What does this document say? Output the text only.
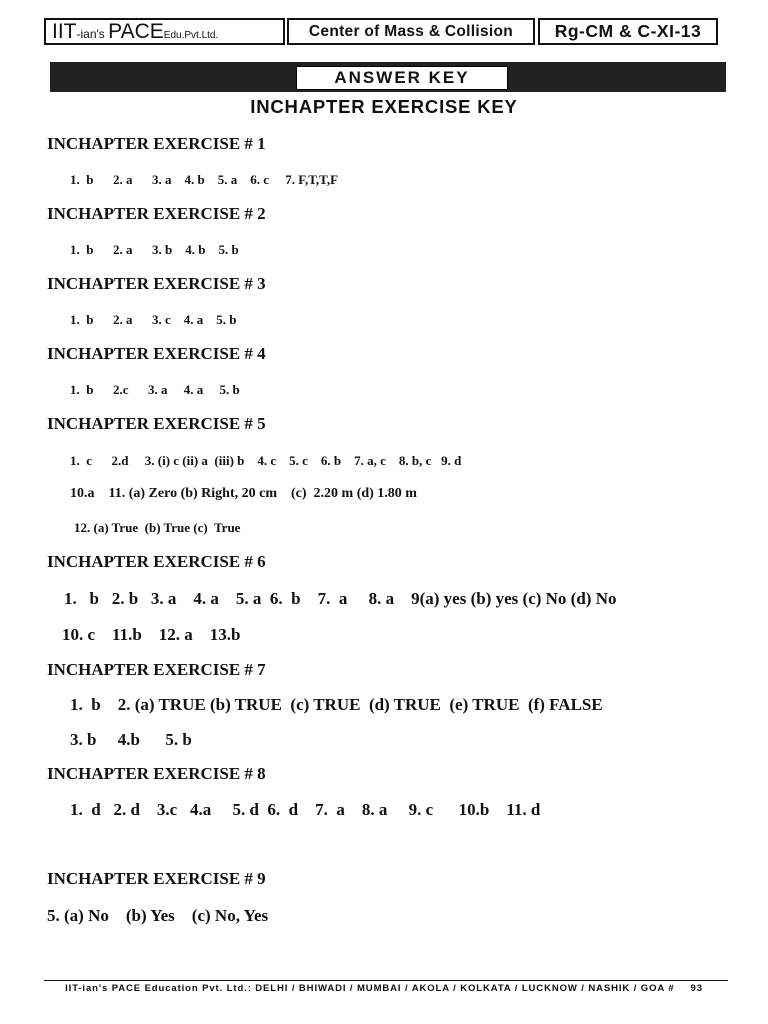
IIT-ian's PACEEdu.Pvt.Ltd.	Center of Mass & Collision	Rg-CM & C-XI-13
ANSWER KEY
INCHAPTER EXERCISE KEY
INCHAPTER EXERCISE # 1
1.  b      2. a      3. a    4. b    5. a    6. c     7. F,T,T,F
INCHAPTER EXERCISE # 2
1.  b      2. a      3. b    4. b    5. b
INCHAPTER EXERCISE # 3
1.  b      2. a      3. c    4. a    5. b
INCHAPTER EXERCISE # 4
1.  b      2.c      3. a     4. a     5. b
INCHAPTER EXERCISE # 5
1.  c      2.d     3. (i) c (ii) a  (iii) b    4. c    5. c    6. b    7. a, c    8. b, c   9. d
10.a    11. (a) Zero (b) Right, 20 cm    (c)  2.20 m (d) 1.80 m
12. (a) True  (b) True (c)  True
INCHAPTER EXERCISE # 6
1.   b   2. b   3. a    4. a    5. a  6.  b    7.  a     8. a    9(a) yes (b) yes (c) No (d) No
10. c    11.b    12. a    13.b
INCHAPTER EXERCISE # 7
1.  b    2. (a) TRUE (b) TRUE  (c) TRUE  (d) TRUE  (e) TRUE  (f) FALSE
3. b     4.b      5. b
INCHAPTER EXERCISE # 8
1.  d   2. d    3.c   4.a     5. d  6.  d    7.  a    8. a     9. c      10.b    11. d
INCHAPTER EXERCISE # 9
5. (a) No    (b) Yes    (c) No, Yes
IIT-ian's PACE Education Pvt. Ltd.: DELHI / BHIWADI / MUMBAI / AKOLA / KOLKATA / LUCKNOW / NASHIK / GOA # 93
